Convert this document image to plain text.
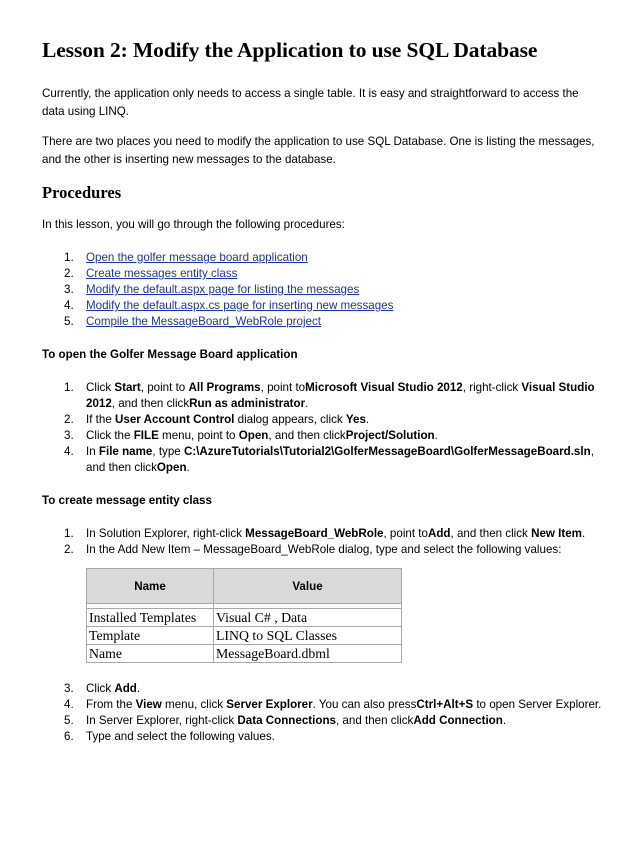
Lesson 2: Modify the Application to use SQL Database

Currently, the application only needs to access a single table. It is easy and straightforward to access the data using LINQ.

There are two places you need to modify the application to use SQL Database. One is listing the messages, and the other is inserting new messages to the database.

Procedures

In this lesson, you will go through the following procedures:

1. Open the golfer message board application
2. Create messages entity class
3. Modify the default.aspx page for listing the messages
4. Modify the default.aspx.cs page for inserting new messages
5. Compile the MessageBoard_WebRole project
To open the Golfer Message Board application
1. Click Start, point to All Programs, point toMicrosoft Visual Studio 2012, right-click Visual Studio 2012, and then clickRun as administrator.
2. If the User Account Control dialog appears, click Yes.
3. Click the FILE menu, point to Open, and then clickProject/Solution.
4. In File name, type C:\AzureTutorials\Tutorial2\GolferMessageBoard\GolferMessageBoard.sln, and then clickOpen.
To create message entity class
1. In Solution Explorer, right-click MessageBoard_WebRole, point toAdd, and then click New Item.
2. In the Add New Item – MessageBoard_WebRole dialog, type and select the following values:
Name	Value

Installed Templates	Visual C# , Data
Template	LINQ to SQL Classes
Name	MessageBoard.dbml
3. Click Add.
4. From the View menu, click Server Explorer. You can also pressCtrl+Alt+S to open Server Explorer.
5. In Server Explorer, right-click Data Connections, and then clickAdd Connection.
6. Type and select the following values.
